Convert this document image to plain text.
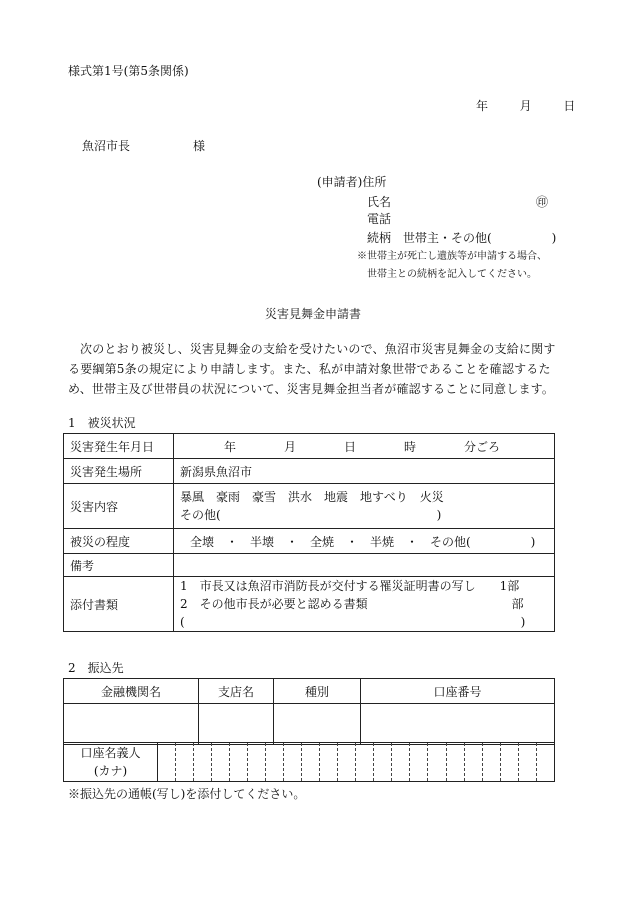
様式第1号(第5条関係)
年	月	日
魚沼市長	様
(申請者)住所
氏名	㊞
電話
続柄　世帯主・その他(　　　　　)
※世帯主が死亡し遺族等が申請する場合、
世帯主との続柄を記入してください。
災害見舞金申請書
次のとおり被災し、災害見舞金の支給を受けたいので、魚沼市災害見舞金の支給に関する要綱第5条の規定により申請します。また、私が申請対象世帯であることを確認するため、世帯主及び世帯員の状況について、災害見舞金担当者が確認することに同意します。
1　被災状況
災害発生年月日	年　　　　月　　　　日　　　　時　　　　分ごろ
災害発生場所	新潟県魚沼市
災害内容	暴風　豪雨　豪雪　洪水　地震　地すべり　火災
その他(　　　　　　　　　　　　　　　　　　)

被災の程度	全壊　・　半壊　・　全焼　・　半焼　・　その他(　　　　　)
備考	
添付書類	1　市長又は魚沼市消防長が交付する罹災証明書の写し　　1部
2　その他市長が必要と認める書類　　　　　　　　　　　　部
(　　　　　　　　　　　　　　　　　　　　　　　　　　　　)
2　振込先
金融機関名	支店名	種別	口座番号

口座名義人
(カナ)

※振込先の通帳(写し)を添付してください。
